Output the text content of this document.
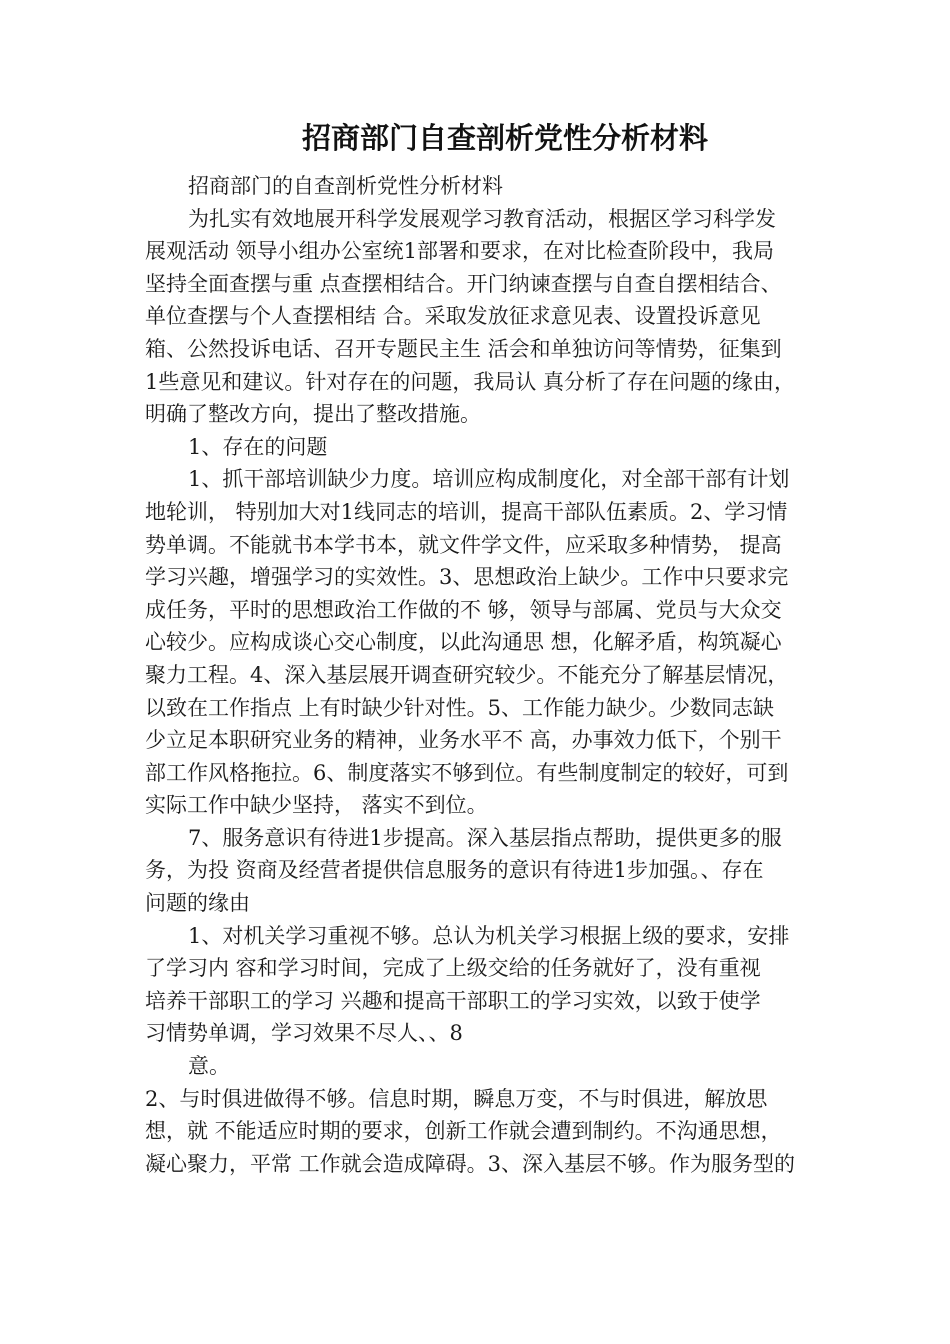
招商部门自查剖析党性分析材料
招商部门的自查剖析党性分析材料
为扎实有效地展开科学发展观学习教育活动，根据区学习科学发
展观活动 领导小组办公室统1部署和要求，在对比检查阶段中，我局
坚持全面查摆与重 点查摆相结合。开门纳谏查摆与自查自摆相结合、
单位查摆与个人查摆相结 合。采取发放征求意见表、设置投诉意见
箱、公然投诉电话、召开专题民主生 活会和单独访问等情势，征集到
1些意见和建议。针对存在的问题，我局认 真分析了存在问题的缘由，
明确了整改方向，提出了整改措施。
1、存在的问题
1、抓干部培训缺少力度。培训应构成制度化，对全部干部有计划
地轮训， 特别加大对1线同志的培训，提高干部队伍素质。2、学习情
势单调。不能就书本学书本，就文件学文件，应采取多种情势， 提高
学习兴趣，增强学习的实效性。3、思想政治上缺少。工作中只要求完
成任务，平时的思想政治工作做的不 够，领导与部属、党员与大众交
心较少。应构成谈心交心制度，以此沟通思 想，化解矛盾，构筑凝心
聚力工程。4、深入基层展开调查研究较少。不能充分了解基层情况，
以致在工作指点 上有时缺少针对性。5、工作能力缺少。少数同志缺
少立足本职研究业务的精神，业务水平不 高，办事效力低下，个别干
部工作风格拖拉。6、制度落实不够到位。有些制度制定的较好，可到
实际工作中缺少坚持， 落实不到位。
7、服务意识有待进1步提高。深入基层指点帮助，提供更多的服
务，为投 资商及经营者提供信息服务的意识有待进1步加强。、存在
问题的缘由
1、对机关学习重视不够。总认为机关学习根据上级的要求，安排
了学习内 容和学习时间，完成了上级交给的任务就好了，没有重视
培养干部职工的学习 兴趣和提高干部职工的学习实效，以致于使学
习情势单调，学习效果不尽人、、8
意。
2、与时俱进做得不够。信息时期，瞬息万变，不与时俱进，解放思
想，就 不能适应时期的要求，创新工作就会遭到制约。不沟通思想，
凝心聚力，平常 工作就会造成障碍。3、深入基层不够。作为服务型的
